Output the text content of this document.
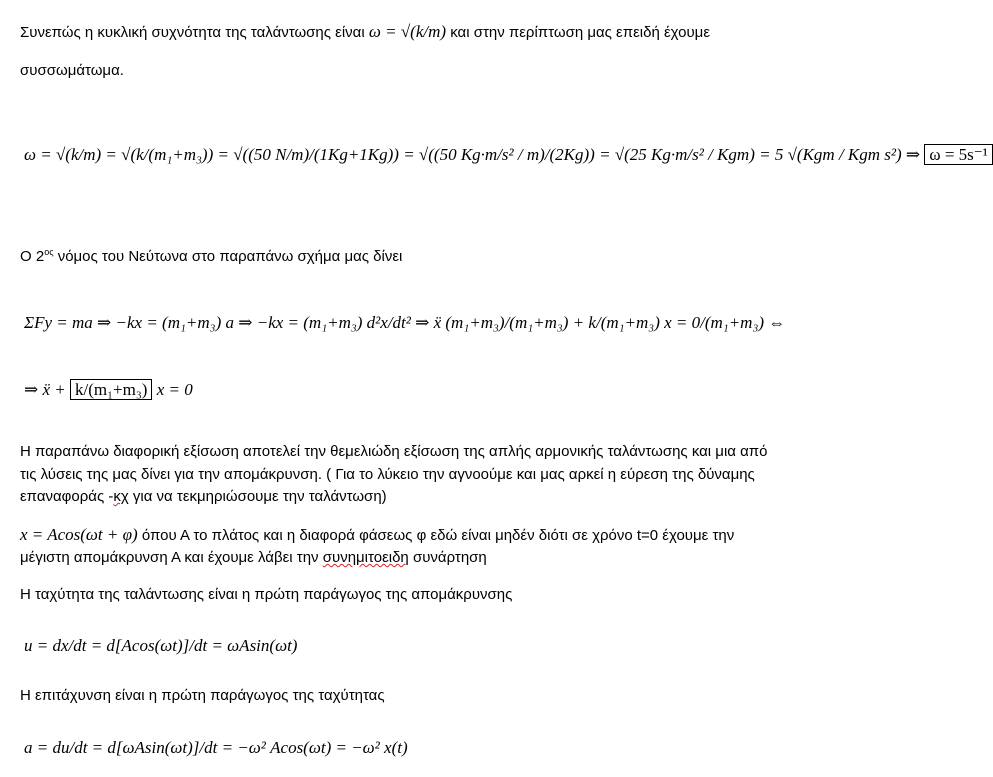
Συνεπώς η κυκλική συχνότητα της ταλάντωσης είναι ω = √(k/m) και στην περίπτωση μας επειδή έχουμε
συσσωμάτωμα.
ω = √(k/m) = √(k/(m₁+m₃)) = √((50 N/m)/(1Kg+1Kg)) = √((50 Kg·m/s² / m)/(2Kg)) = √(25 Kg·m/s² / Kgm) = 5 √(Kgm / Kgm s²) ⇒ ω = 5s⁻¹
Ο $2^{o\varsigma}$ νόμος του Νεύτωνα στο παραπάνω σχήμα μας δίνει
ΣFy = ma ⇒ −kx = (m₁+m₃) a ⇒ −kx = (m₁+m₃) d²x/dt² ⇒ ẍ (m₁+m₃)/(m₁+m₃) + k/(m₁+m₃) x = 0/(m₁+m₃) ⇔
⇒ ẍ + k/(m₁+m₃) x = 0
Η παραπάνω διαφορική εξίσωση αποτελεί την θεμελιώδη εξίσωση της απλής αρμονικής ταλάντωσης και μια από
τις λύσεις της μας δίνει για την απομάκρυνση. ( Για το λύκειο την αγνοούμε και μας αρκεί η εύρεση της δύναμης
επαναφοράς -κχ για να τεκμηριώσουμε την ταλάντωση)
x = Acos(ωt + φ) όπου Α το πλάτος και η διαφορά φάσεως φ εδώ είναι μηδέν διότι σε χρόνο t=0 έχουμε την
μέγιστη απομάκρυνση Α και έχουμε λάβει την συνημιτοειδη συνάρτηση
Η ταχύτητα της ταλάντωσης είναι η πρώτη παράγωγος της απομάκρυνσης
u = dx/dt = d[Acos(ωt)]/dt = ωAsin(ωt)
Η επιτάχυνση είναι η πρώτη παράγωγος της ταχύτητας
a = du/dt = d[ωAsin(ωt)]/dt = −ω² Acos(ωt) = −ω² x(t)
